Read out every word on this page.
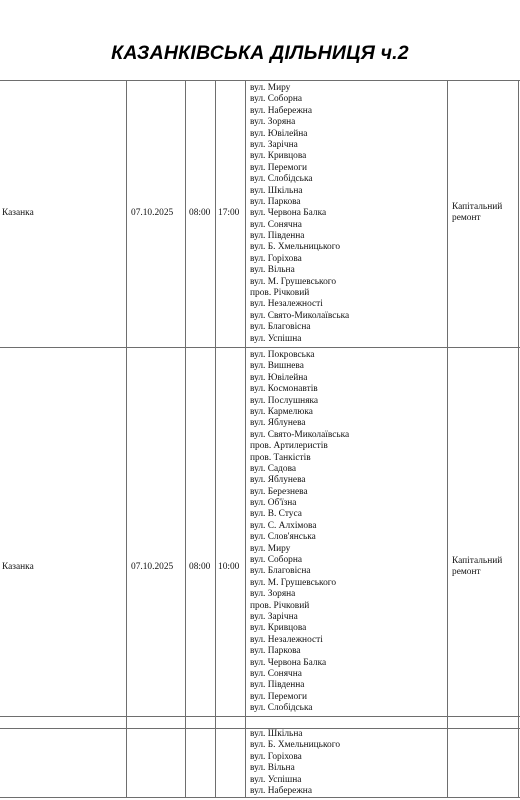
КАЗАНКІВСЬКА ДІЛЬНИЦЯ ч.2
Казанка	07.10.2025 08:00 17:00
вул. Миру
вул. Соборна
вул. Набережна
вул. Зоряна
вул. Ювілейна
вул. Зарічна
вул. Кривцова
вул. Перемоги
вул. Слобідська
вул. Шкільна
вул. Паркова
вул. Червона Балка
вул. Сонячна
вул. Південна
вул. Б. Хмельницького
вул. Горіхова
вул. Вільна
вул. М. Грушевського
пров. Річковий
вул. Незалежності
вул. Свято-Миколаївська
вул. Благовісна
вул. Успішна
Капітальний ремонт
Казанка	07.10.2025 08:00 10:00
вул. Покровська
вул. Вишнева
вул. Ювілейна
вул. Космонавтів
вул. Послушняка
вул. Кармелюка
вул. Яблунева
вул. Свято-Миколаївська
пров. Артилеристів
пров. Танкістів
вул. Садова
вул. Яблунева
вул. Березнева
вул. Об'їзна
вул. В. Стуса
вул. С. Алхімова
вул. Слов'янська
вул. Миру
вул. Соборна
вул. Благовісна
вул. М. Грушевського
вул. Зоряна
пров. Річковий
вул. Зарічна
вул. Кривцова
вул. Незалежності
вул. Паркова
вул. Червона Балка
вул. Сонячна
вул. Південна
вул. Перемоги
вул. Слобідська
Капітальний ремонт
вул. Шкільна
вул. Б. Хмельницького
вул. Горіхова
вул. Вільна
вул. Успішна
вул. Набережна
